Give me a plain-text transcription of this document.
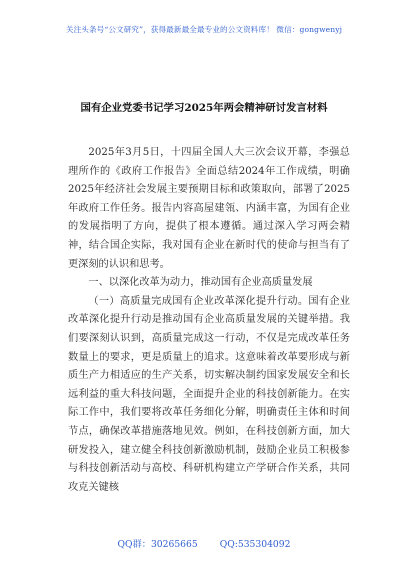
关注头条号“公文研究”，获得最新最全最专业的公文资料库！ 微信：gongwenyj
国有企业党委书记学习2025年两会精神研讨发言材料

2025年3月5日，十四届全国人大三次会议开幕，李强总理所作的《政府工作报告》全面总结2024年工作成绩，明确2025年经济社会发展主要预期目标和政策取向，部署了2025年政府工作任务。报告内容高屋建瓴、内涵丰富，为国有企业的发展指明了方向，提供了根本遵循。通过深入学习两会精神，结合国企实际，我对国有企业在新时代的使命与担当有了更深刻的认识和思考。

一、以深化改革为动力，推动国有企业高质量发展

（一）高质量完成国有企业改革深化提升行动。国有企业改革深化提升行动是推动国有企业高质量发展的关键举措。我们要深刻认识到，高质量完成这一行动，不仅是完成改革任务数量上的要求，更是质量上的追求。这意味着改革要形成与新质生产力相适应的生产关系，切实解决制约国家发展安全和长远利益的重大科技问题，全面提升企业的科技创新能力。在实际工作中，我们要将改革任务细化分解，明确责任主体和时间节点，确保改革措施落地见效。例如，在科技创新方面，加大研发投入，建立健全科技创新激励机制，鼓励企业员工积极参与科技创新活动与高校、科研机构建立产学研合作关系，共同攻克关键核

QQ群：30265665 QQ:535304092
